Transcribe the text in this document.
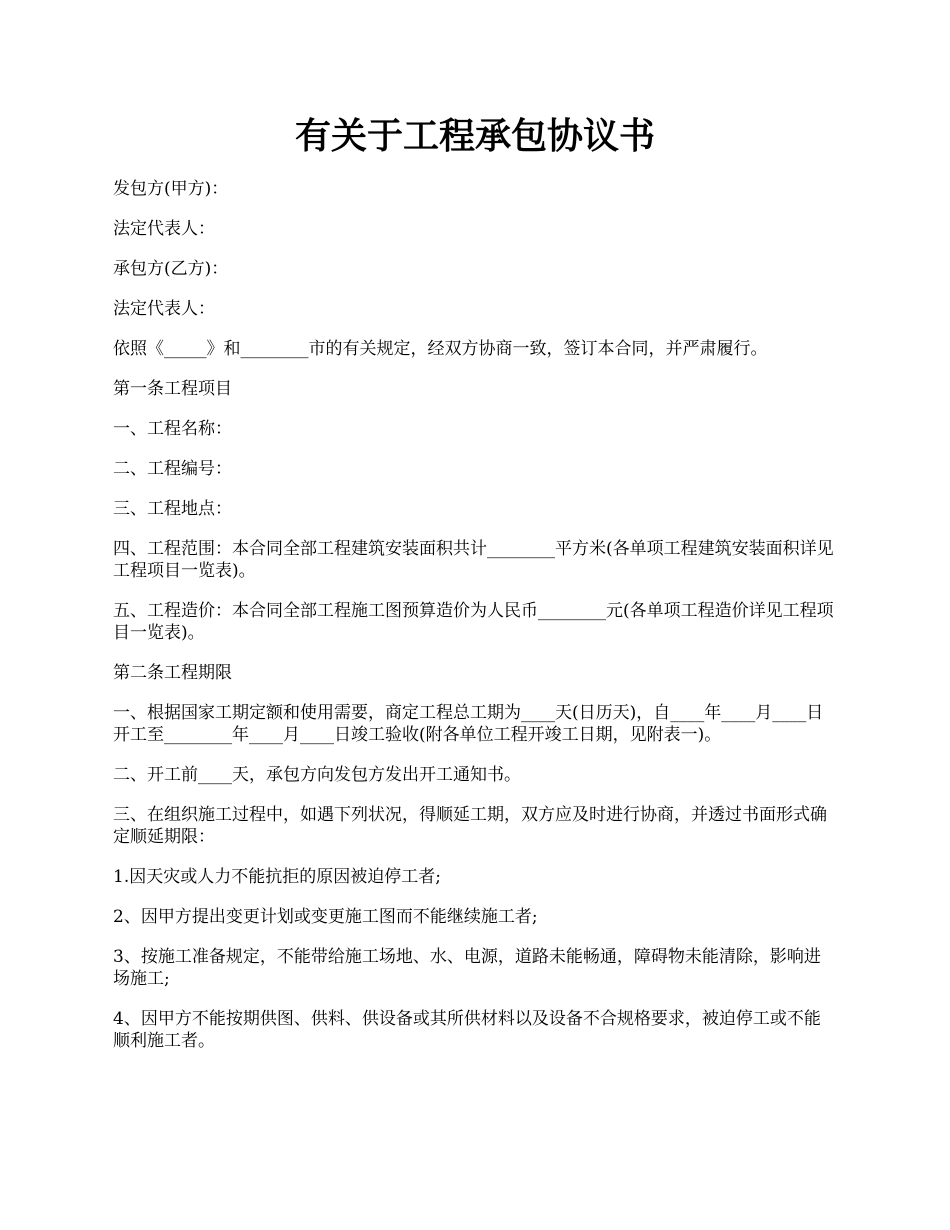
有关于工程承包协议书

发包方(甲方)：

法定代表人：

承包方(乙方)：

法定代表人：

依照《_____》和________市的有关规定，经双方协商一致，签订本合同，并严肃履行。

第一条工程项目

一、工程名称：

二、工程编号：

三、工程地点：

四、工程范围：本合同全部工程建筑安装面积共计________平方米(各单项工程建筑安装面积详见工程项目一览表)。

五、工程造价：本合同全部工程施工图预算造价为人民币________元(各单项工程造价详见工程项目一览表)。

第二条工程期限

一、根据国家工期定额和使用需要，商定工程总工期为____天(日历天)，自____年____月____日开工至________年____月____日竣工验收(附各单位工程开竣工日期，见附表一)。

二、开工前____天，承包方向发包方发出开工通知书。

三、在组织施工过程中，如遇下列状况，得顺延工期，双方应及时进行协商，并透过书面形式确定顺延期限：

1.因天灾或人力不能抗拒的原因被迫停工者;

2、因甲方提出变更计划或变更施工图而不能继续施工者;

3、按施工准备规定，不能带给施工场地、水、电源，道路未能畅通，障碍物未能清除，影响进场施工;

4、因甲方不能按期供图、供料、供设备或其所供材料以及设备不合规格要求，被迫停工或不能顺利施工者。
